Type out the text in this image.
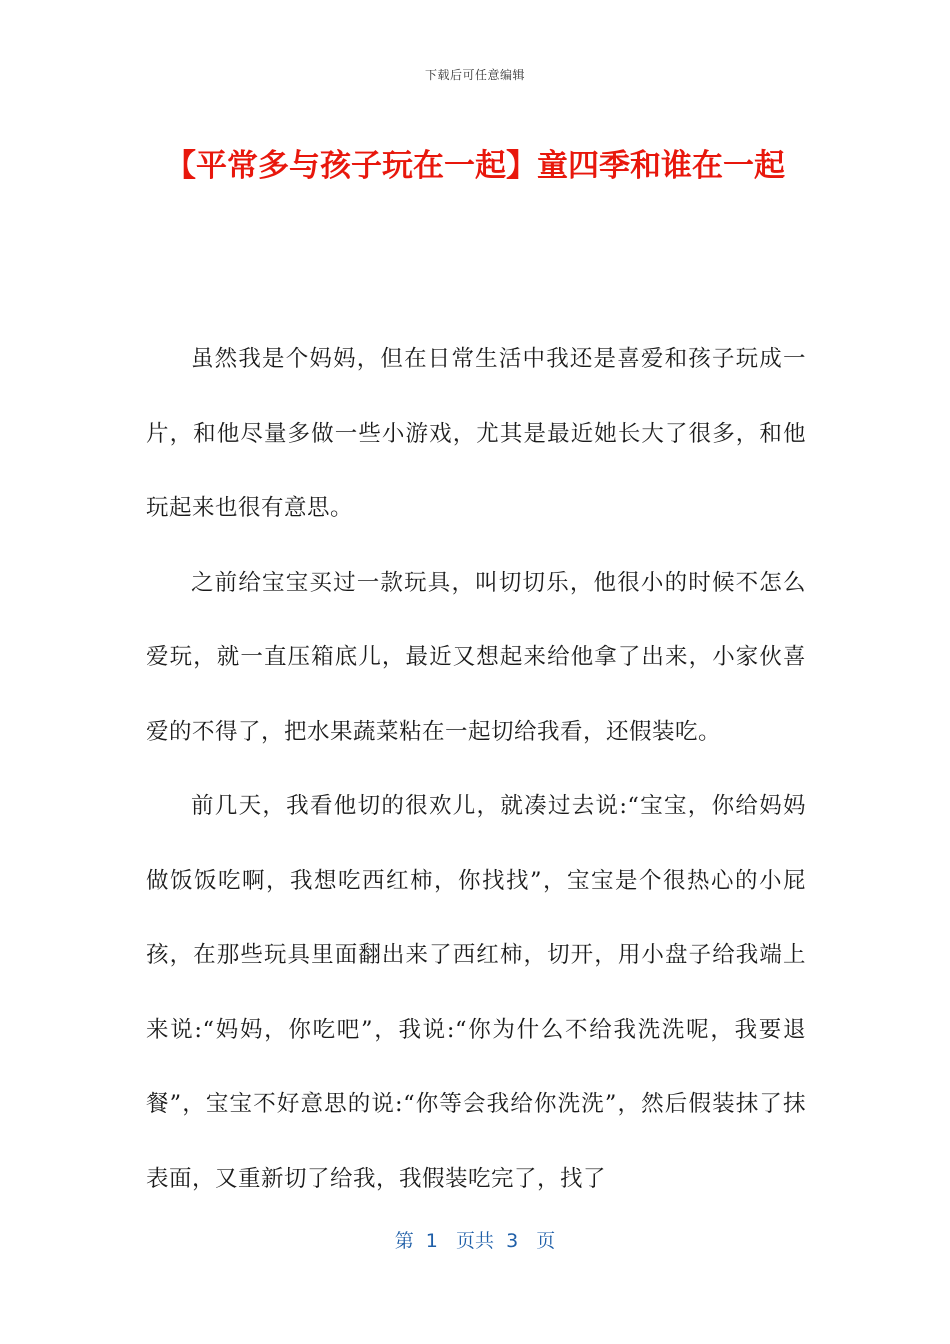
下载后可任意编辑
【平常多与孩子玩在一起】童四季和谁在一起

虽然我是个妈妈，但在日常生活中我还是喜爱和孩子玩成一片，和他尽量多做一些小游戏，尤其是最近她长大了很多，和他玩起来也很有意思。

之前给宝宝买过一款玩具，叫切切乐，他很小的时候不怎么爱玩，就一直压箱底儿，最近又想起来给他拿了出来，小家伙喜爱的不得了，把水果蔬菜粘在一起切给我看，还假装吃。

前几天，我看他切的很欢儿，就凑过去说:“宝宝，你给妈妈做饭饭吃啊，我想吃西红柿，你找找”，宝宝是个很热心的小屁孩，在那些玩具里面翻出来了西红柿，切开，用小盘子给我端上来说:“妈妈，你吃吧”，我说:“你为什么不给我洗洗呢，我要退餐”，宝宝不好意思的说:“你等会我给你洗洗”，然后假装抹了抹表面，又重新切了给我，我假装吃完了，找了

第  1   页共  3   页
